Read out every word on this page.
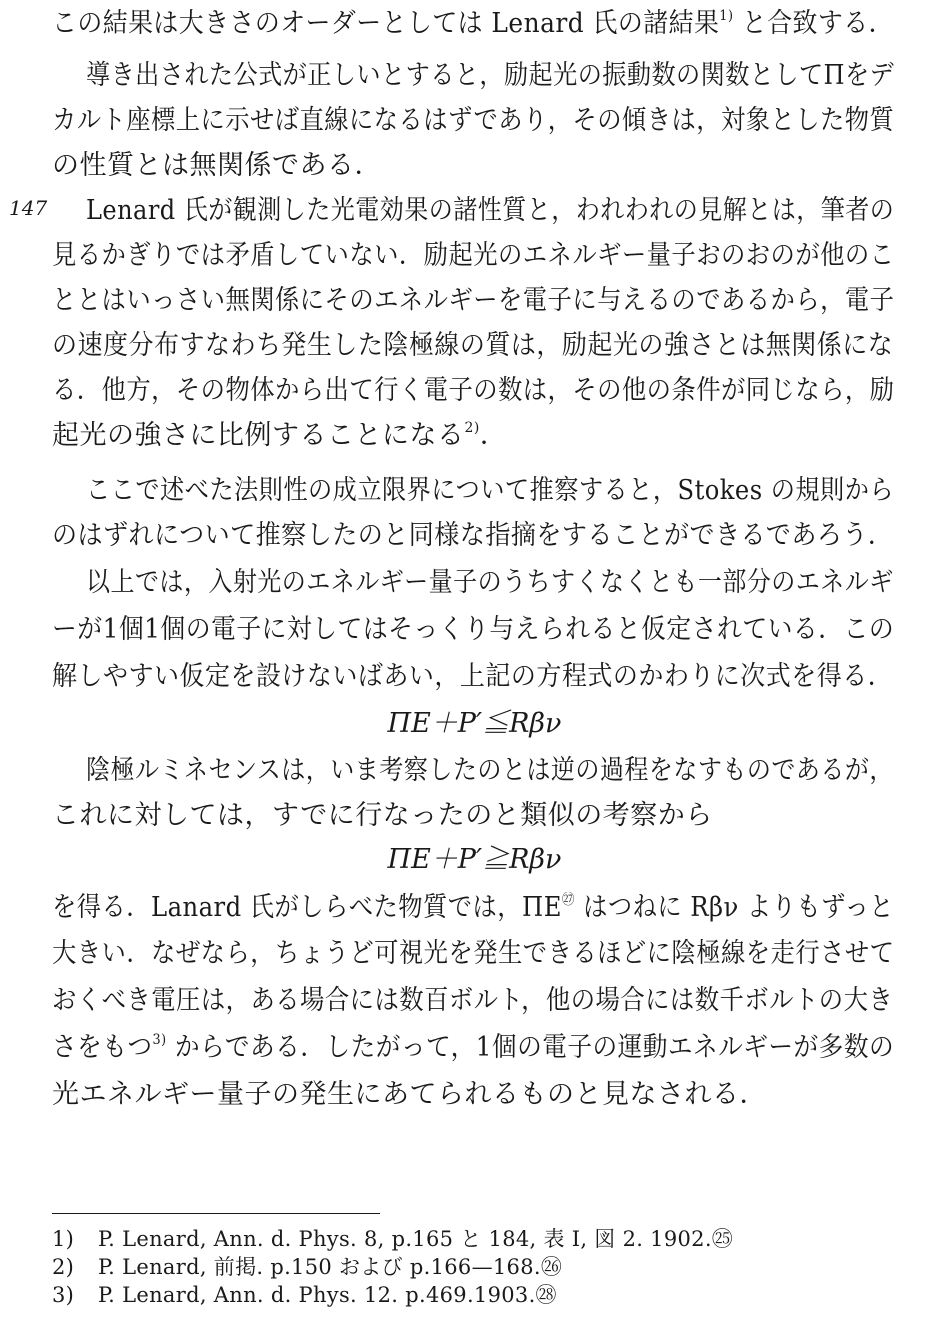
147
この結果は大きさのオーダーとしては Lenard 氏の諸結果$^{1)}$ と合致する．
導き出された公式が正しいとすると，励起光の振動数の関数としてΠをデ
カルト座標上に示せば直線になるはずであり，その傾きは，対象とした物質
の性質とは無関係である．
Lenard 氏が観測した光電効果の諸性質と，われわれの見解とは，筆者の
見るかぎりでは矛盾していない．励起光のエネルギー量子おのおのが他のこ
ととはいっさい無関係にそのエネルギーを電子に与えるのであるから，電子
の速度分布すなわち発生した陰極線の質は，励起光の強さとは無関係にな
る．他方，その物体から出て行く電子の数は，その他の条件が同じなら，励
起光の強さに比例することになる$^{2)}$．
ここで述べた法則性の成立限界について推察すると，Stokes の規則から
のはずれについて推察したのと同様な指摘をすることができるであろう．
以上では，入射光のエネルギー量子のうちすくなくとも一部分のエネルギ
ーが1個1個の電子に対してはそっくり与えられると仮定されている．この
解しやすい仮定を設けないばあい，上記の方程式のかわりに次式を得る．
ΠE＋P′≦Rβν
陰極ルミネセンスは，いま考察したのとは逆の過程をなすものであるが，
これに対しては，すでに行なったのと類似の考察から
ΠE＋P′≧Rβν
を得る．Lanard 氏がしらべた物質では，$\Pi E^㉗$ はつねに Rβν よりもずっと
大きい．なぜなら，ちょうど可視光を発生できるほどに陰極線を走行させて
おくべき電圧は，ある場合には数百ボルト，他の場合には数千ボルトの大き
さをもつ$^{3)}$ からである．したがって，1個の電子の運動エネルギーが多数の
光エネルギー量子の発生にあてられるものと見なされる．
1) P. Lenard, Ann. d. Phys. 8, p.165 と 184, 表 I, 図 2. 1902.㉕
2) P. Lenard, 前掲. p.150 および p.166—168.㉖
3) P. Lenard, Ann. d. Phys. 12. p.469.1903.㉘
